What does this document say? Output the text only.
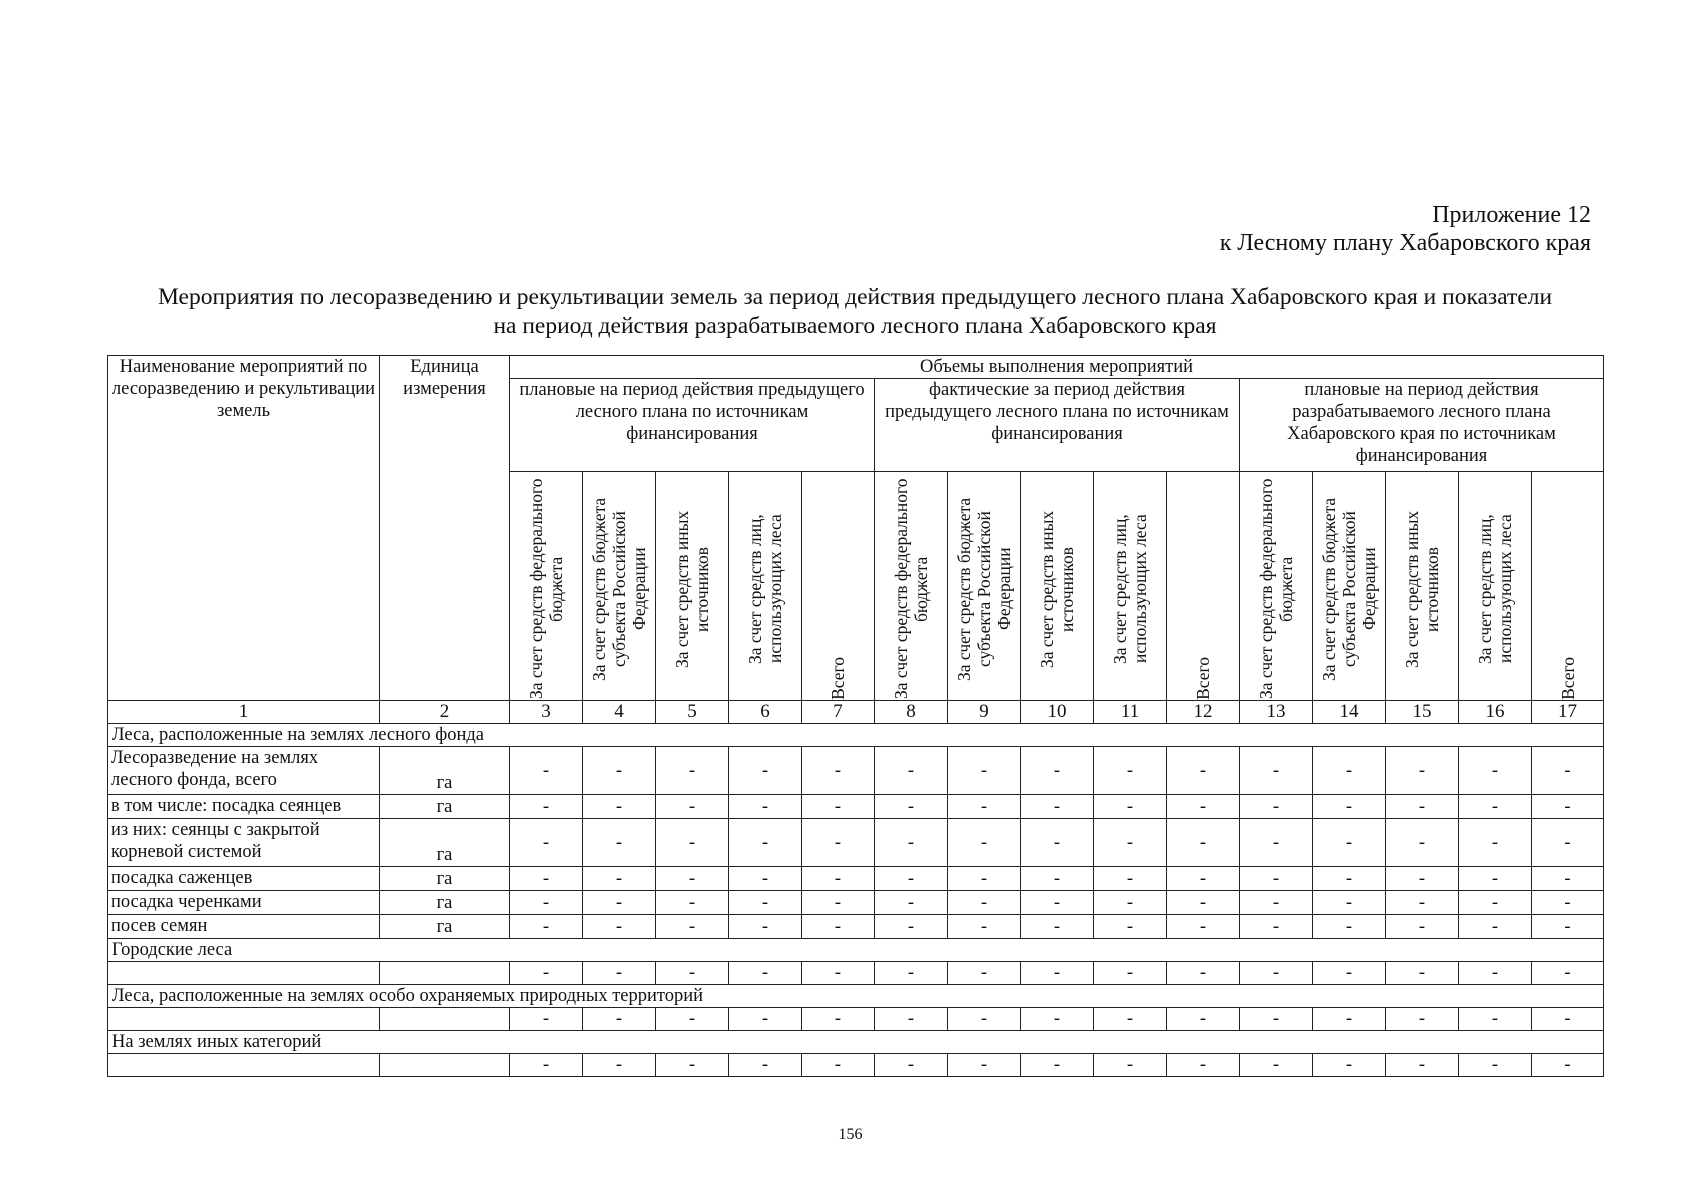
Приложение 12
к Лесному плану Хабаровского края
Мероприятия по лесоразведению и рекультивации земель за период действия предыдущего лесного плана Хабаровского края и показатели
на период действия разрабатываемого лесного плана Хабаровского края
Наименование мероприятий по лесоразведению и рекультивации земель	Единица измерения	Объемы выполнения мероприятий														
		плановые на период действия предыдущего лесного плана по источникам финансирования					фактические за период действия предыдущего лесного плана по источникам финансирования					плановые на период действия разрабатываемого лесного плана Хабаровского края по источникам финансирования				

		За счет средств федерального бюджета	За счет средств бюджета субъекта Российской Федерации	За счет средств иных источников	За счет средств лиц, использующих леса	Всего	За счет средств федерального бюджета	За счет средств бюджета субъекта Российской Федерации	За счет средств иных источников	За счет средств лиц, использующих леса	Всего	За счет средств федерального бюджета	За счет средств бюджета субъекта Российской Федерации	За счет средств иных источников	За счет средств лиц, использующих леса	Всего

1	2	3	4	5	6	7	8	9	10	11	12	13	14	15	16	17
Леса, расположенные на землях лесного фонда																
Лесоразведение на землях лесного фонда, всего	га	-	-	-	-	-	-	-	-	-	-	-	-	-	-	-
в том числе: посадка сеянцев	га	-	-	-	-	-	-	-	-	-	-	-	-	-	-	-
из них: сеянцы с закрытой корневой системой	га	-	-	-	-	-	-	-	-	-	-	-	-	-	-	-
посадка саженцев	га	-	-	-	-	-	-	-	-	-	-	-	-	-	-	-
посадка черенками	га	-	-	-	-	-	-	-	-	-	-	-	-	-	-	-
посев семян	га	-	-	-	-	-	-	-	-	-	-	-	-	-	-	-
Городские леса																
		-	-	-	-	-	-	-	-	-	-	-	-	-	-	-
Леса, расположенные на землях особо охраняемых природных территорий																
		-	-	-	-	-	-	-	-	-	-	-	-	-	-	-
На землях иных категорий																
		-	-	-	-	-	-	-	-	-	-	-	-	-	-	-
156
